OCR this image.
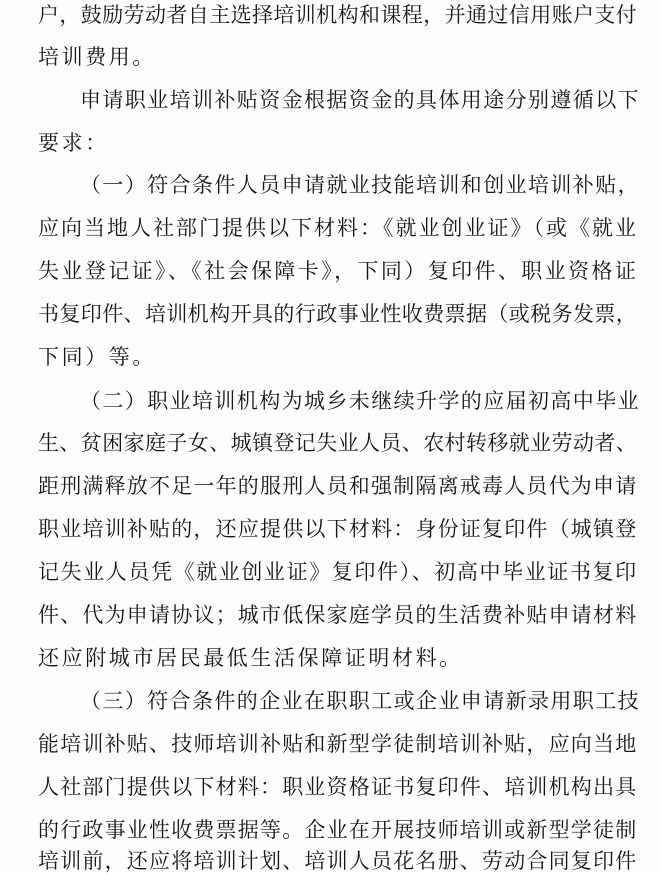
户，鼓励劳动者自主选择培训机构和课程，并通过信用账户支付
培训费用。
申请职业培训补贴资金根据资金的具体用途分别遵循以下
要求：
（一）符合条件人员申请就业技能培训和创业培训补贴，
应向当地人社部门提供以下材料：《就业创业证》（或《就业
失业登记证》、《社会保障卡》，下同）复印件、职业资格证
书复印件、培训机构开具的行政事业性收费票据（或税务发票，
下同）等。
（二）职业培训机构为城乡未继续升学的应届初高中毕业
生、贫困家庭子女、城镇登记失业人员、农村转移就业劳动者、
距刑满释放不足一年的服刑人员和强制隔离戒毒人员代为申请
职业培训补贴的，还应提供以下材料：身份证复印件（城镇登
记失业人员凭《就业创业证》复印件）、初高中毕业证书复印
件、代为申请协议；城市低保家庭学员的生活费补贴申请材料
还应附城市居民最低生活保障证明材料。
（三）符合条件的企业在职职工或企业申请新录用职工技
能培训补贴、技师培训补贴和新型学徒制培训补贴，应向当地
人社部门提供以下材料：职业资格证书复印件、培训机构出具
的行政事业性收费票据等。企业在开展技师培训或新型学徒制
培训前，还应将培训计划、培训人员花名册、劳动合同复印件
